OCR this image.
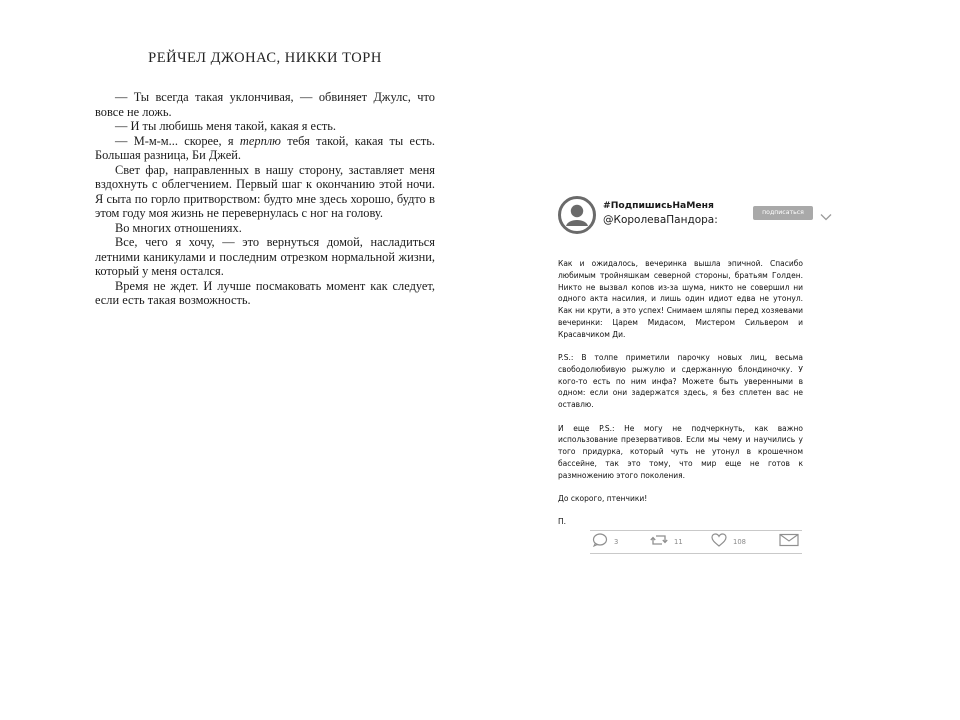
РЕЙЧЕЛ ДЖОНАС, НИККИ ТОРН

— Ты всегда такая уклончивая, — обвиняет Джулс, что вовсе не ложь.

— И ты любишь меня такой, какая я есть.

— М-м-м... скорее, я терплю тебя такой, какая ты есть. Большая разница, Би Джей.

Свет фар, направленных в нашу сторону, заставляет меня вздохнуть с облегчением. Первый шаг к окончанию этой ночи. Я сыта по горло притворством: будто мне здесь хорошо, будто в этом году моя жизнь не перевернулась с ног на голову.

Во многих отношениях.

Все, чего я хочу, — это вернуться домой, насладиться летними каникулами и последним отрезком нормальной жизни, который у меня остался.

Время не ждет. И лучше посмаковать момент как следует, если есть такая возможность.

#ПодпишисьНаМеня
@КоролеваПандора:
подписаться

Как и ожидалось, вечеринка вышла эпичной. Спасибо любимым тройняшкам северной стороны, братьям Голден. Никто не вызвал копов из-за шума, никто не совершил ни одного акта насилия, и лишь один идиот едва не утонул. Как ни крути, а это успех! Снимаем шляпы перед хозяевами вечеринки: Царем Мидасом, Мистером Сильвером и Красавчиком Ди.

P.S.: В толпе приметили парочку новых лиц, весьма свободолюбивую рыжулю и сдержанную блондиночку. У кого-то есть по ним инфа? Можете быть уверенными в одном: если они задержатся здесь, я без сплетен вас не оставлю.

И еще P.S.: Не могу не подчеркнуть, как важно использование презервативов. Если мы чему и научились у того придурка, который чуть не утонул в крошечном бассейне, так это тому, что мир еще не готов к размножению этого поколения.

До скорого, птенчики!

П.

3	11	108
